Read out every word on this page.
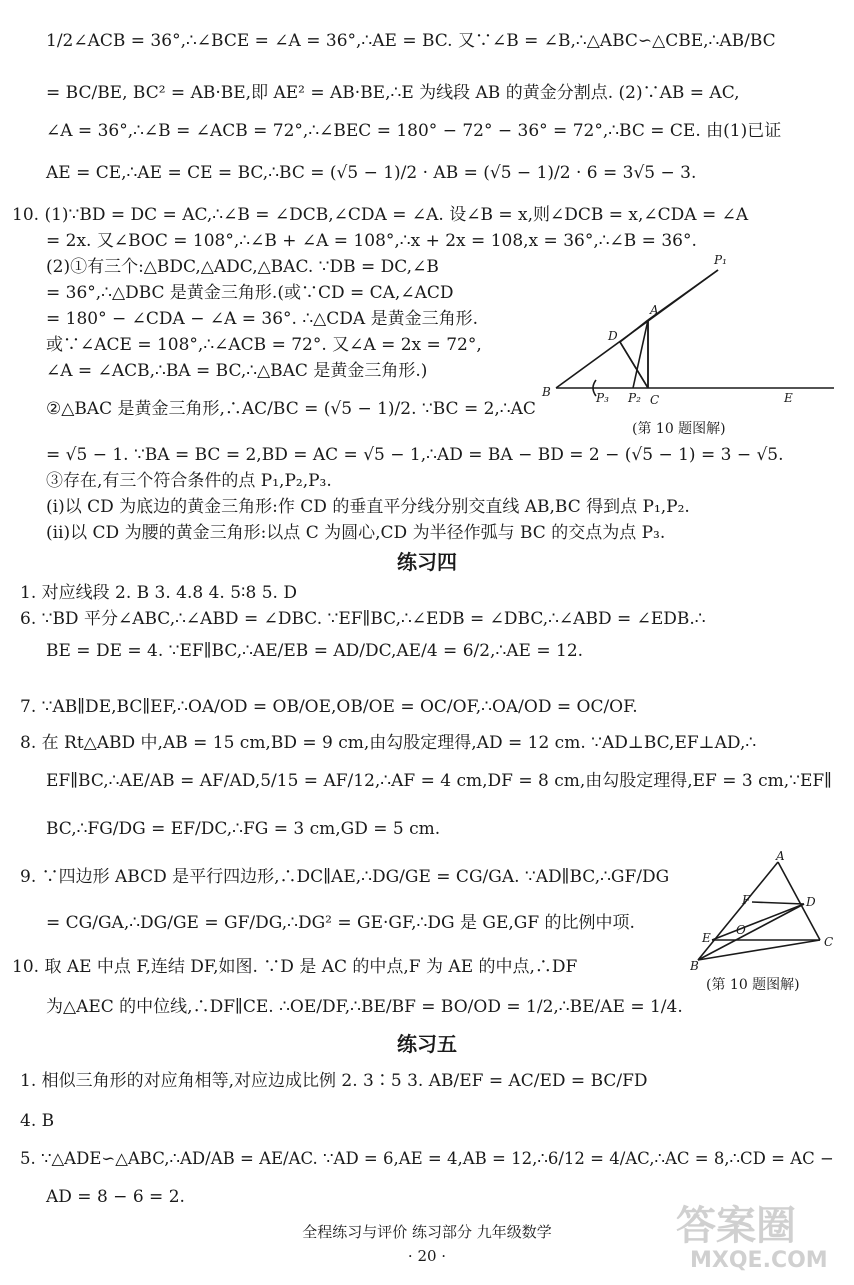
1/2∠ACB = 36°,∴∠BCE = ∠A = 36°,∴AE = BC. 又∵∠B = ∠B,∴△ABC∽△CBE,∴AB/BC
= BC/BE, BC² = AB·BE,即 AE² = AB·BE,∴E 为线段 AB 的黄金分割点. (2)∵AB = AC,
∠A = 36°,∴∠B = ∠ACB = 72°,∴∠BEC = 180° − 72° − 36° = 72°,∴BC = CE. 由(1)已证
AE = CE,∴AE = CE = BC,∴BC = (√5 − 1)/2 · AB = (√5 − 1)/2 · 6 = 3√5 − 3.
10. (1)∵BD = DC = AC,∴∠B = ∠DCB,∠CDA = ∠A. 设∠B = x,则∠DCB = x,∠CDA = ∠A
= 2x. 又∠BOC = 108°,∴∠B + ∠A = 108°,∴x + 2x = 108,x = 36°,∴∠B = 36°.
(2)①有三个:△BDC,△ADC,△BAC. ∵DB = DC,∠B
= 36°,∴△DBC 是黄金三角形.(或∵CD = CA,∠ACD
= 180° − ∠CDA − ∠A = 36°. ∴△CDA 是黄金三角形.
或∵∠ACE = 108°,∴∠ACB = 72°. 又∠A = 2x = 72°,
∠A = ∠ACB,∴BA = BC,∴△BAC 是黄金三角形.)
②△BAC 是黄金三角形,∴AC/BC = (√5 − 1)/2. ∵BC = 2,∴AC
= √5 − 1. ∵BA = BC = 2,BD = AC = √5 − 1,∴AD = BA − BD = 2 − (√5 − 1) = 3 − √5.
③存在,有三个符合条件的点 P₁,P₂,P₃.
(ⅰ)以 CD 为底边的黄金三角形:作 CD 的垂直平分线分别交直线 AB,BC 得到点 P₁,P₂.
(ⅱ)以 CD 为腰的黄金三角形:以点 C 为圆心,CD 为半径作弧与 BC 的交点为点 P₃.
练习四
1. 对应线段 2. B 3. 4.8 4. 5∶8 5. D
6. ∵BD 平分∠ABC,∴∠ABD = ∠DBC. ∵EF∥BC,∴∠EDB = ∠DBC,∴∠ABD = ∠EDB.∴
BE = DE = 4. ∵EF∥BC,∴AE/EB = AD/DC,AE/4 = 6/2,∴AE = 12.
7. ∵AB∥DE,BC∥EF,∴OA/OD = OB/OE,OB/OE = OC/OF,∴OA/OD = OC/OF.
8. 在 Rt△ABD 中,AB = 15 cm,BD = 9 cm,由勾股定理得,AD = 12 cm. ∵AD⊥BC,EF⊥AD,∴
EF∥BC,∴AE/AB = AF/AD,5/15 = AF/12,∴AF = 4 cm,DF = 8 cm,由勾股定理得,EF = 3 cm,∵EF∥
BC,∴FG/DG = EF/DC,∴FG = 3 cm,GD = 5 cm.
9. ∵四边形 ABCD 是平行四边形,∴DC∥AE,∴DG/GE = CG/GA. ∵AD∥BC,∴GF/DG
= CG/GA,∴DG/GE = GF/DG,∴DG² = GE·GF,∴DG 是 GE,GF 的比例中项.
10. 取 AE 中点 F,连结 DF,如图. ∵D 是 AC 的中点,F 为 AE 的中点,∴DF
为△AEC 的中位线,∴DF∥CE. ∴OE/DF,∴BE/BF = BO/OD = 1/2,∴BE/AE = 1/4.
练习五
1. 相似三角形的对应角相等,对应边成比例 2. 3∶5 3. AB/EF = AC/ED = BC/FD
4. B
5. ∵△ADE∽△ABC,∴AD/AB = AE/AC. ∵AD = 6,AE = 4,AB = 12,∴6/12 = 4/AC,∴AC = 8,∴CD = AC −
AD = 8 − 6 = 2.
P₁
A
D
B	P₃ P₂ C	E
(第 10 题图解)
A
F	D
E
O
C
B
(第 10 题图解)
全程练习与评价 练习部分 九年级数学
· 20 ·
答案圈
MXQE.COM
